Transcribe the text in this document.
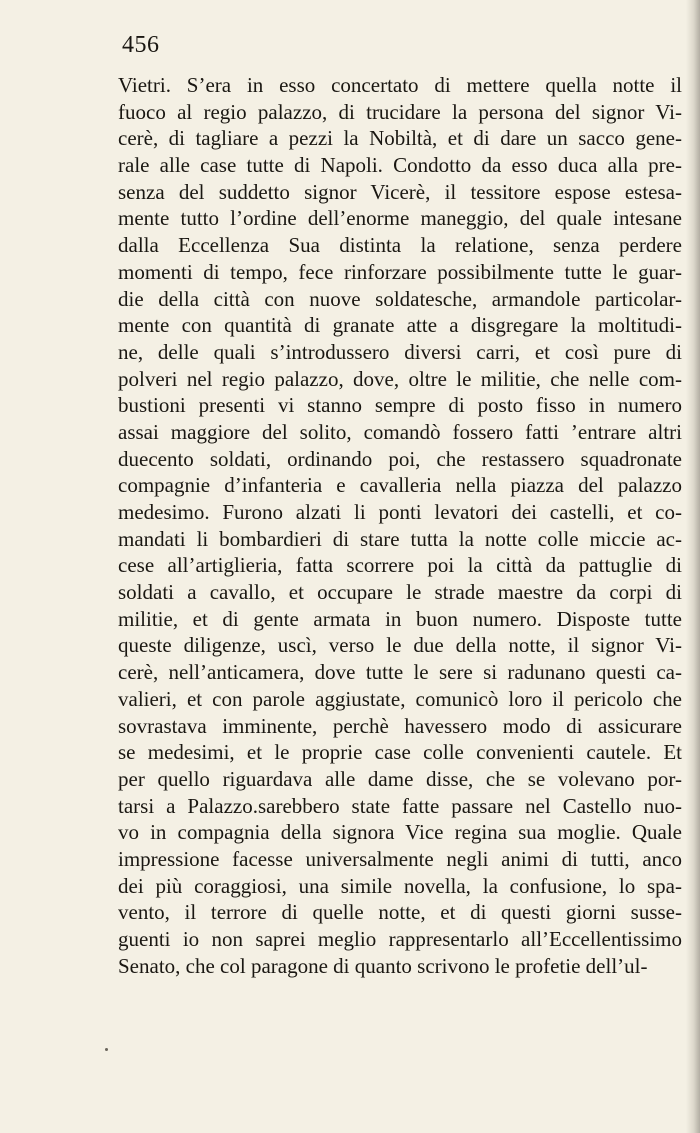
456
Vietri. S’era in esso concertato di mettere quella notte il
fuoco al regio palazzo, di trucidare la persona del signor Vi-
cerè, di tagliare a pezzi la Nobiltà, et di dare un sacco gene-
rale alle case tutte di Napoli. Condotto da esso duca alla pre-
senza del suddetto signor Vicerè, il tessitore espose estesa-
mente tutto l’ordine dell’enorme maneggio, del quale intesane
dalla Eccellenza Sua distinta la relatione, senza perdere
momenti di tempo, fece rinforzare possibilmente tutte le guar-
die della città con nuove soldatesche, armandole particolar-
mente con quantità di granate atte a disgregare la moltitudi-
ne, delle quali s’introdussero diversi carri, et così pure di
polveri nel regio palazzo, dove, oltre le militie, che nelle com-
bustioni presenti vi stanno sempre di posto fisso in numero
assai maggiore del solito, comandò fossero fatti ’entrare altri
duecento soldati, ordinando poi, che restassero squadronate
compagnie d’infanteria e cavalleria nella piazza del palazzo
medesimo. Furono alzati li ponti levatori dei castelli, et co-
mandati li bombardieri di stare tutta la notte colle miccie ac-
cese all’artiglieria, fatta scorrere poi la città da pattuglie di
soldati a cavallo, et occupare le strade maestre da corpi di
militie, et di gente armata in buon numero. Disposte tutte
queste diligenze, uscì, verso le due della notte, il signor Vi-
cerè, nell’anticamera, dove tutte le sere si radunano questi ca-
valieri, et con parole aggiustate, comunicò loro il pericolo che
sovrastava imminente, perchè havessero modo di assicurare
se medesimi, et le proprie case colle convenienti cautele. Et
per quello riguardava alle dame disse, che se volevano por-
tarsi a Palazzo.sarebbero state fatte passare nel Castello nuo-
vo in compagnia della signora Vice regina sua moglie. Quale
impressione facesse universalmente negli animi di tutti, anco
dei più coraggiosi, una simile novella, la confusione, lo spa-
vento, il terrore di quelle notte, et di questi giorni susse-
guenti io non saprei meglio rappresentarlo all’Eccellentissimo
Senato, che col paragone di quanto scrivono le profetie dell’ul-
